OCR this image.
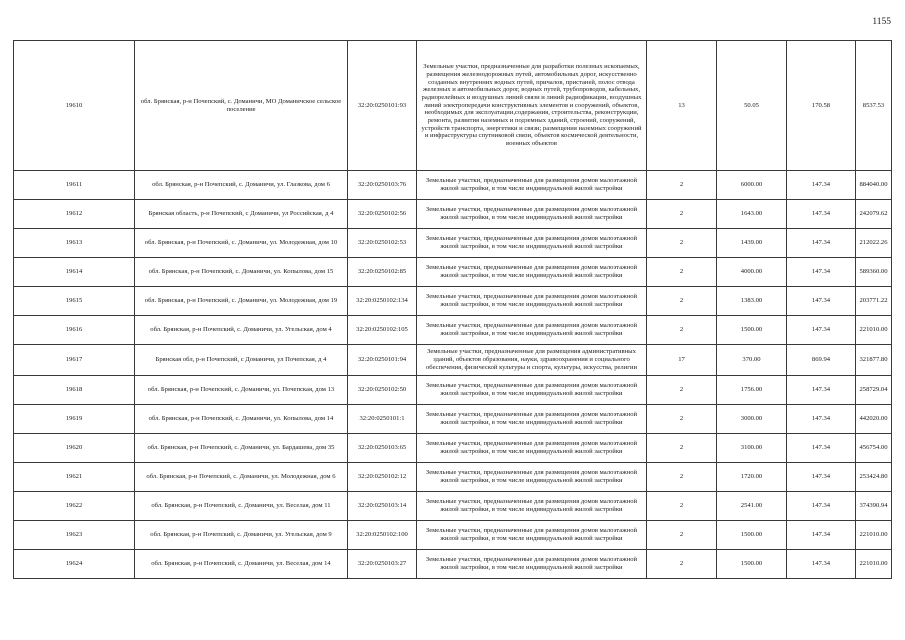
1155
19610	обл. Брянская, р-н Почепский, с. Доманичи, МО Доманичское сельское поселение	32:20:0250101:93	Земельные участки, предназначенные для разработки полезных ископаемых, размещения железнодорожных путей, автомобильных дорог, искусственно созданных внутренних водных путей, причалов, пристаней, полос отвода железных и автомобильных дорог, водных путей, трубопроводов, кабельных, радиорелейных и воздушных линий связи и линий радиофикации, воздушных линий электропередачи конструктивных элементов и сооружений, объектов, необходимых для эксплуатации,содержания, строительства, реконструкции, ремонта, развития наземных и подземных зданий, строений, сооружений, устройств транспорта, энергетики и связи; размещения наземных сооружений и инфраструктуры спутниковой связи, объектов космической деятельности, военных объектов	13	50.05	170.58	8537.53
19611	обл. Брянская, р-н Почепский, с. Доманичи, ул. Глазкова, дом 6	32:20:0250103:76	Земельные участки, предназначенные для размещения домов малоэтажной жилой застройки, в том числе индивидуальной жилой застройки	2	6000.00	147.34	884040.00
19612	Брянская область, р-н Почепский, с Доманичи, ул Российская, д 4	32:20:0250102:56	Земельные участки, предназначенные для размещения домов малоэтажной жилой застройки, в том числе индивидуальной жилой застройки	2	1643.00	147.34	242079.62
19613	обл. Брянская, р-н Почепский, с. Доманичи, ул. Молодежная, дом 10	32:20:0250102:53	Земельные участки, предназначенные для размещения домов малоэтажной жилой застройки, в том числе индивидуальной жилой застройки	2	1439.00	147.34	212022.26
19614	обл. Брянская, р-н Почепский, с. Доманичи, ул. Копылова, дом 15	32:20:0250102:85	Земельные участки, предназначенные для размещения домов малоэтажной жилой застройки, в том числе индивидуальной жилой застройки	2	4000.00	147.34	589360.00
19615	обл. Брянская, р-н Почепский, с. Доманичи, ул. Молодежная, дом 19	32:20:0250102:134	Земельные участки, предназначенные для размещения домов малоэтажной жилой застройки, в том числе индивидуальной жилой застройки	2	1383.00	147.34	203771.22
19616	обл. Брянская, р-н Почепский, с. Доманичи, ул. Угельская, дом 4	32:20:0250102:105	Земельные участки, предназначенные для размещения домов малоэтажной жилой застройки, в том числе индивидуальной жилой застройки	2	1500.00	147.34	221010.00
19617	Брянская обл, р-н Почепский, с Доманичи, ул Почепская, д 4	32:20:0250101:94	Земельные участки, предназначенные для размещения административных зданий, объектов образования, науки, здравоохранения и социального обеспечения, физической культуры и спорта, культуры, искусства, религии	17	370.00	869.94	321877.80
19618	обл. Брянская, р-н Почепский, с. Доманичи, ул. Почепская, дом 13	32:20:0250102:50	Земельные участки, предназначенные для размещения домов малоэтажной жилой застройки, в том числе индивидуальной жилой застройки	2	1756.00	147.34	258729.04
19619	обл. Брянская, р-н Почепский, с. Доманичи, ул. Копылова, дом 14	32:20:0250101:1	Земельные участки, предназначенные для размещения домов малоэтажной жилой застройки, в том числе индивидуальной жилой застройки	2	3000.00	147.34	442020.00
19620	обл. Брянская, р-н Почепский, с. Доманичи, ул. Бардашева, дом 35	32:20:0250103:65	Земельные участки, предназначенные для размещения домов малоэтажной жилой застройки, в том числе индивидуальной жилой застройки	2	3100.00	147.34	456754.00
19621	обл. Брянская, р-н Почепский, с. Доманичи, ул. Молодежная, дом 6	32:20:0250102:12	Земельные участки, предназначенные для размещения домов малоэтажной жилой застройки, в том числе индивидуальной жилой застройки	2	1720.00	147.34	253424.80
19622	обл. Брянская, р-н Почепский, с. Доманичи, ул. Веселая, дом 11	32:20:0250103:14	Земельные участки, предназначенные для размещения домов малоэтажной жилой застройки, в том числе индивидуальной жилой застройки	2	2541.00	147.34	374390.94
19623	обл. Брянская, р-н Почепский, с. Доманичи, ул. Угельская, дом 9	32:20:0250102:100	Земельные участки, предназначенные для размещения домов малоэтажной жилой застройки, в том числе индивидуальной жилой застройки	2	1500.00	147.34	221010.00
19624	обл. Брянская, р-н Почепский, с. Доманичи, ул. Веселая, дом 14	32:20:0250103:27	Земельные участки, предназначенные для размещения домов малоэтажной жилой застройки, в том числе индивидуальной жилой застройки	2	1500.00	147.34	221010.00
